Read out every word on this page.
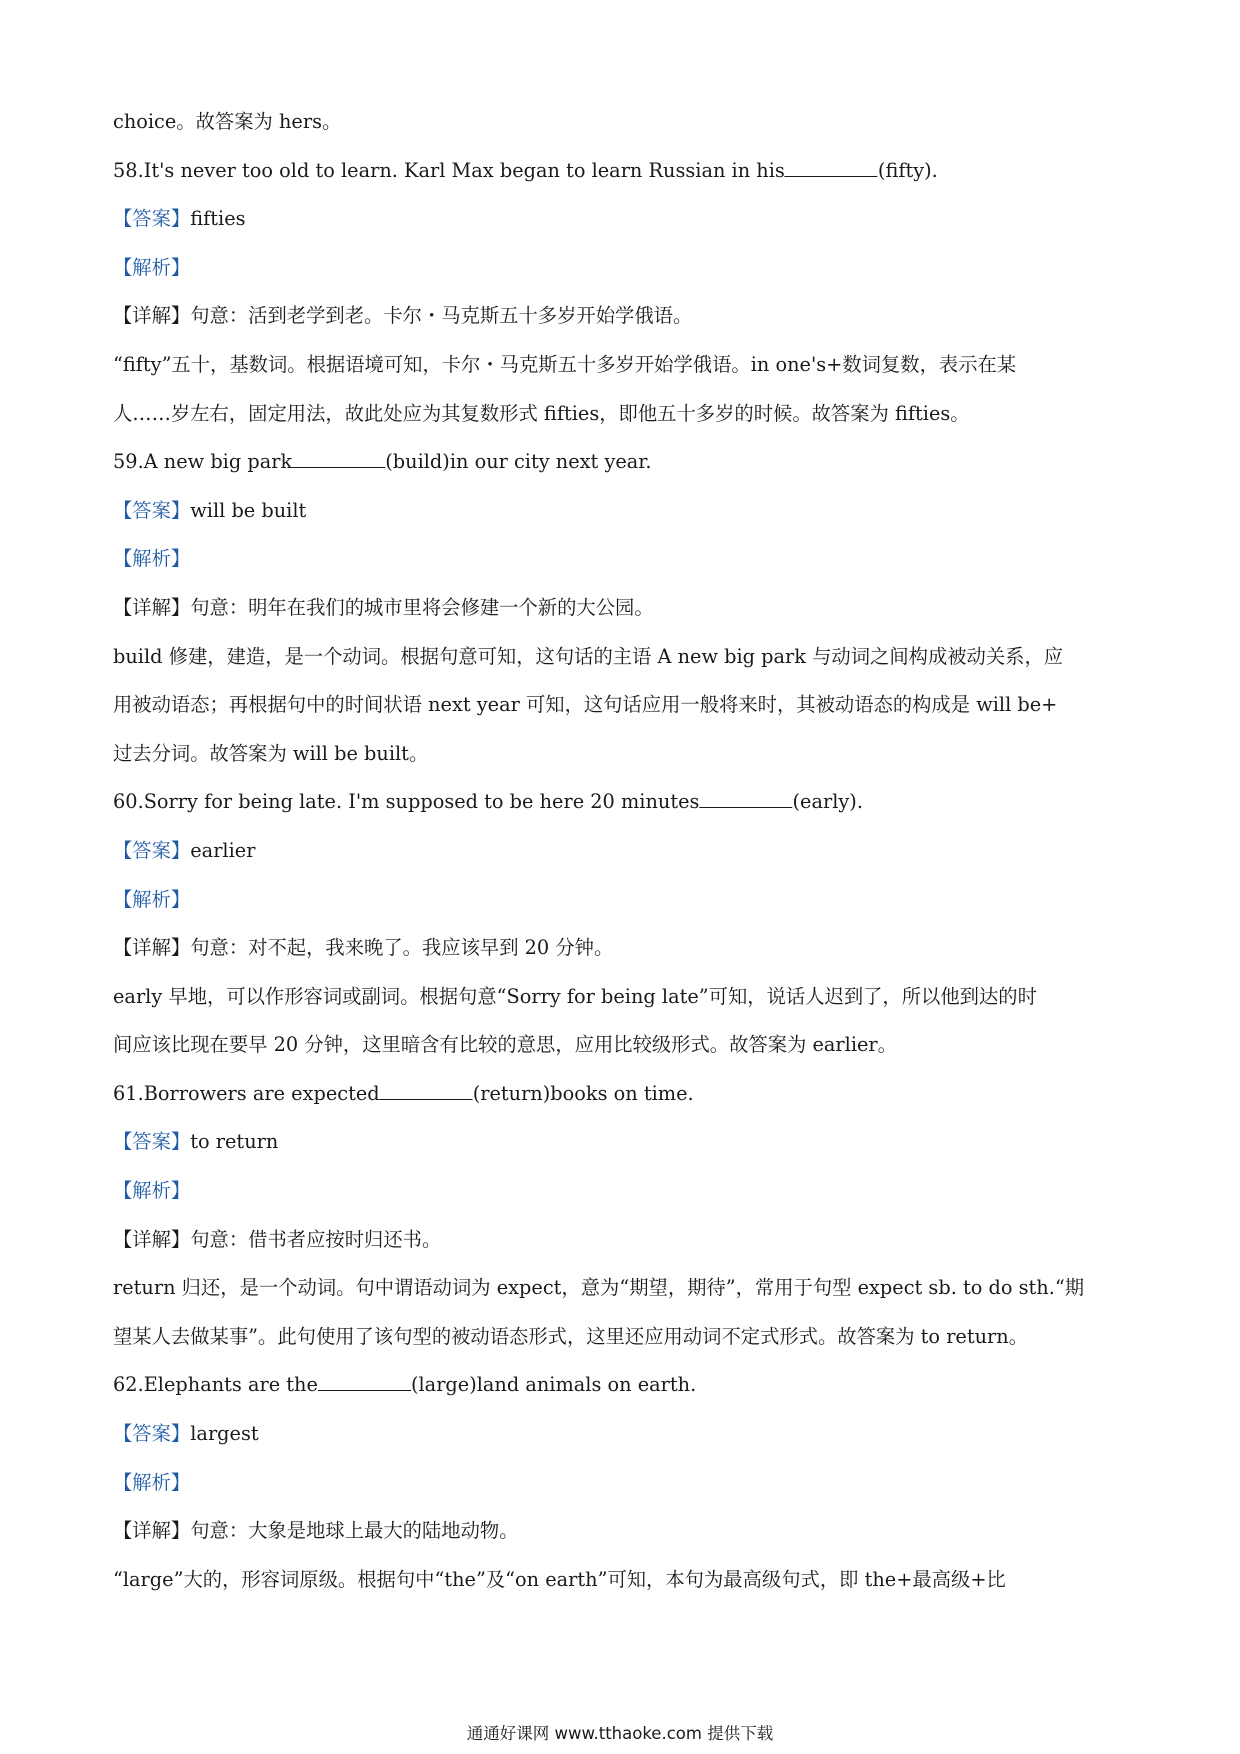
choice。故答案为 hers。
58.It's never too old to learn. Karl Max began to learn Russian in his	(fifty).
【答案】fifties
【解析】
【详解】句意：活到老学到老。卡尔・马克斯五十多岁开始学俄语。
“fifty”五十，基数词。根据语境可知，卡尔・马克斯五十多岁开始学俄语。in one's+数词复数，表示在某
人……岁左右，固定用法，故此处应为其复数形式 fifties，即他五十多岁的时候。故答案为 fifties。
59.A new big park	(build)in our city next year.
【答案】will be built
【解析】
【详解】句意：明年在我们的城市里将会修建一个新的大公园。
build 修建，建造，是一个动词。根据句意可知，这句话的主语 A new big park 与动词之间构成被动关系，应
用被动语态；再根据句中的时间状语 next year 可知，这句话应用一般将来时，其被动语态的构成是 will be+
过去分词。故答案为 will be built。
60.Sorry for being late. I'm supposed to be here 20 minutes	(early).
【答案】earlier
【解析】
【详解】句意：对不起，我来晚了。我应该早到 20 分钟。
early 早地，可以作形容词或副词。根据句意“Sorry for being late”可知，说话人迟到了，所以他到达的时
间应该比现在要早 20 分钟，这里暗含有比较的意思，应用比较级形式。故答案为 earlier。
61.Borrowers are expected	(return)books on time.
【答案】to return
【解析】
【详解】句意：借书者应按时归还书。
return 归还，是一个动词。句中谓语动词为 expect，意为“期望，期待”，常用于句型 expect sb. to do sth.“期
望某人去做某事”。此句使用了该句型的被动语态形式，这里还应用动词不定式形式。故答案为 to return。
62.Elephants are the	(large)land animals on earth.
【答案】largest
【解析】
【详解】句意：大象是地球上最大的陆地动物。
“large”大的，形容词原级。根据句中“the”及“on earth”可知，本句为最高级句式，即 the+最高级+比
通通好课网 www.tthaoke.com 提供下载
